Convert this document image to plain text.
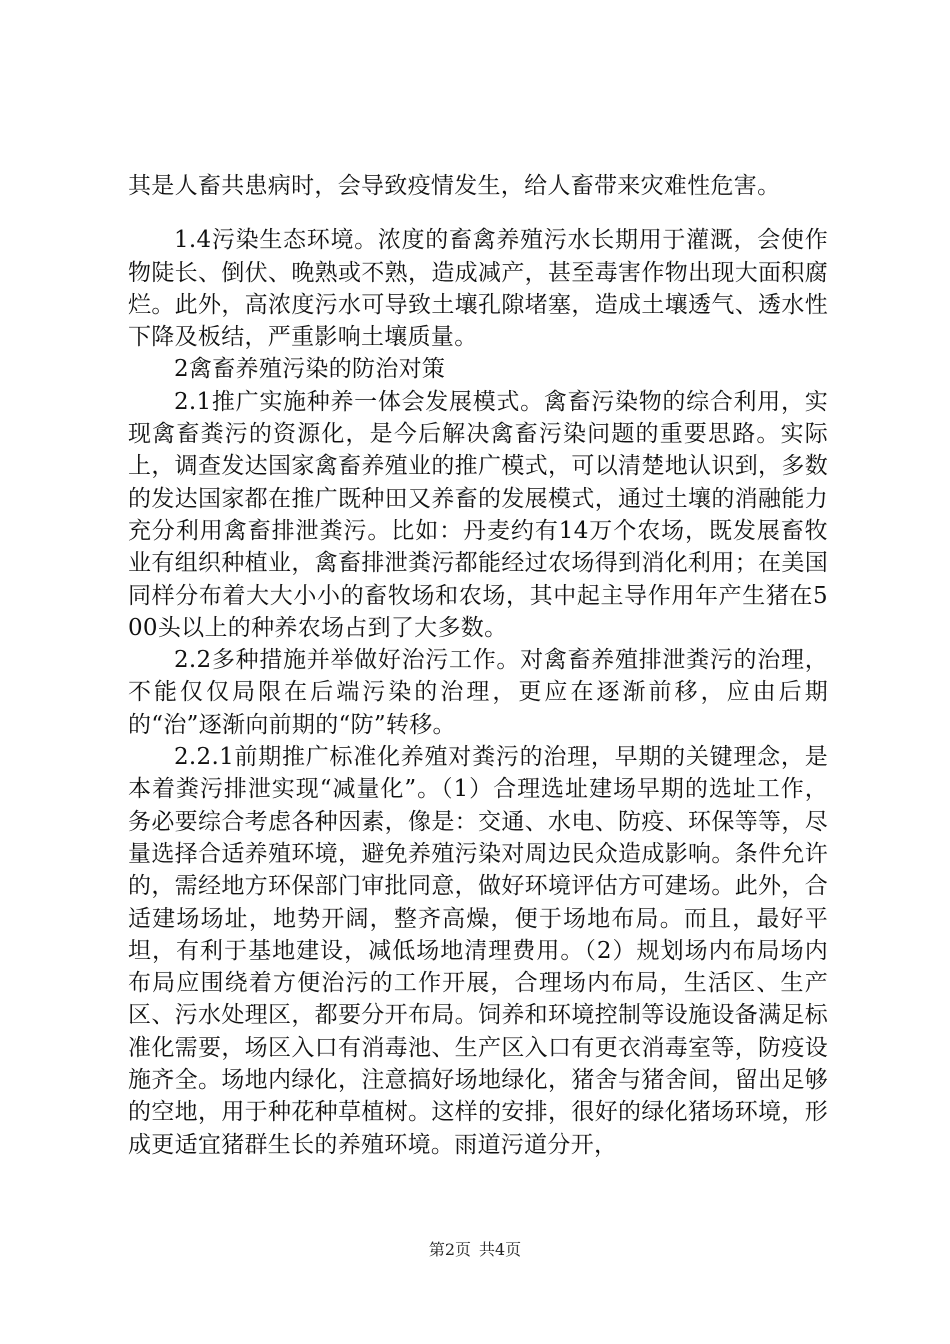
其是人畜共患病时，会导致疫情发生，给人畜带来灾难性危害。

1.4污染生态环境。浓度的畜禽养殖污水长期用于灌溉，会使作物陡长、倒伏、晚熟或不熟，造成减产，甚至毒害作物出现大面积腐烂。此外，高浓度污水可导致土壤孔隙堵塞，造成土壤透气、透水性下降及板结，严重影响土壤质量。

2禽畜养殖污染的防治对策

2.1推广实施种养一体会发展模式。禽畜污染物的综合利用，实现禽畜粪污的资源化，是今后解决禽畜污染问题的重要思路。实际上，调查发达国家禽畜养殖业的推广模式，可以清楚地认识到，多数的发达国家都在推广既种田又养畜的发展模式，通过土壤的消融能力充分利用禽畜排泄粪污。比如：丹麦约有14万个农场，既发展畜牧业有组织种植业，禽畜排泄粪污都能经过农场得到消化利用；在美国同样分布着大大小小的畜牧场和农场，其中起主导作用年产生猪在500头以上的种养农场占到了大多数。

2.2多种措施并举做好治污工作。对禽畜养殖排泄粪污的治理，不能仅仅局限在后端污染的治理，更应在逐渐前移，应由后期的“治”逐渐向前期的“防”转移。

2.2.1前期推广标准化养殖对粪污的治理，早期的关键理念，是本着粪污排泄实现“减量化”。（1）合理选址建场早期的选址工作，务必要综合考虑各种因素，像是：交通、水电、防疫、环保等等，尽量选择合适养殖环境，避免养殖污染对周边民众造成影响。条件允许的，需经地方环保部门审批同意，做好环境评估方可建场。此外，合适建场场址，地势开阔，整齐高燥，便于场地布局。而且，最好平坦，有利于基地建设，减低场地清理费用。（2）规划场内布局场内布局应围绕着方便治污的工作开展，合理场内布局，生活区、生产区、污水处理区，都要分开布局。饲养和环境控制等设施设备满足标准化需要，场区入口有消毒池、生产区入口有更衣消毒室等，防疫设施齐全。场地内绿化，注意搞好场地绿化，猪舍与猪舍间，留出足够的空地，用于种花种草植树。这样的安排，很好的绿化猪场环境，形成更适宜猪群生长的养殖环境。雨道污道分开，

第2页 共4页
